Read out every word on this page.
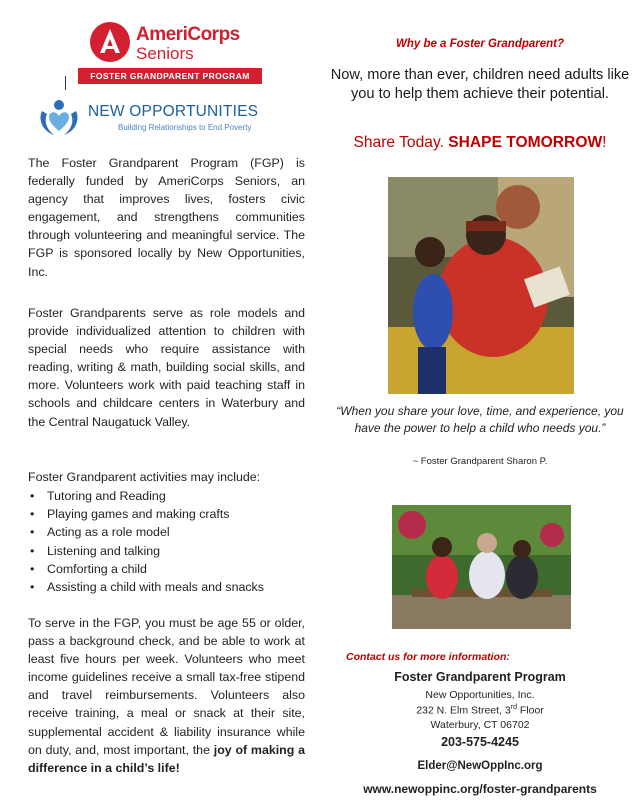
AmeriCorps
Seniors
FOSTER GRANDPARENT PROGRAM
NEW OPPORTUNITIES
Building Relationships to End Poverty

The Foster Grandparent Program (FGP) is federally funded by AmeriCorps Seniors, an agency that improves lives, fosters civic engagement, and strengthens communities through volunteering and meaningful service. The FGP is sponsored locally by New Opportunities, Inc.

Foster Grandparents serve as role models and provide individualized attention to children with special needs who require assistance with reading, writing & math, building social skills, and more. Volunteers work with paid teaching staff in schools and childcare centers in Waterbury and the Central Naugatuck Valley.

Foster Grandparent activities may include:

• Tutoring and Reading
• Playing games and making crafts
• Acting as a role model
• Listening and talking
• Comforting a child
• Assisting a child with meals and snacks

To serve in the FGP, you must be age 55 or older, pass a background check, and be able to work at least five hours per week. Volunteers who meet income guidelines receive a small tax-free stipend and travel reimbursements. Volunteers also receive training, a meal or snack at their site, supplemental accident & liability insurance while on duty, and, most important, the joy of making a difference in a child’s life!

Why be a Foster Grandparent?
Now, more than ever, children need adults like you to help them achieve their potential.
Share Today. SHAPE TOMORROW!
“When you share your love, time, and experience, you have the power to help a child who needs you.”
~ Foster Grandparent Sharon P.
Contact us for more information:
Foster Grandparent Program
New Opportunities, Inc.
232 N. Elm Street, 3rd Floor
Waterbury, CT 06702
203-575-4245
Elder@NewOppInc.org
www.newoppinc.org/foster-grandparents
